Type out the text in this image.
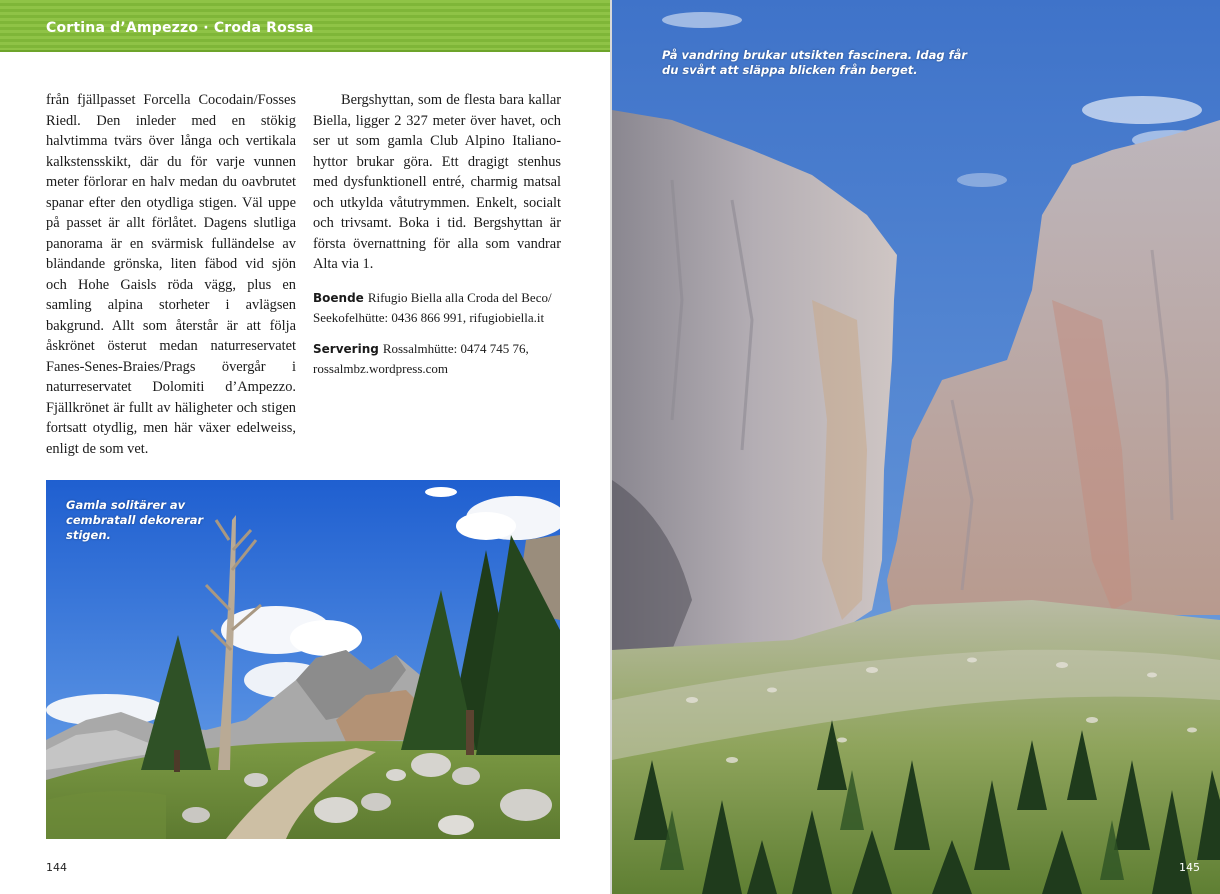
Cortina d’Ampezzo · Croda Rossa

från fjällpasset Forcella Cocodain/Fosses Riedl. Den inleder med en stökig halvtimma tvärs över långa och vertikala kalkstensskikt, där du för varje vunnen meter förlorar en halv medan du oavbrutet spanar efter den otydliga stigen. Väl uppe på passet är allt förlåtet. Dagens slutliga panorama är en svärmisk fulländelse av bländande grönska, liten fäbod vid sjön och Hohe Gaisls röda vägg, plus en samling alpina storheter i avlägsen bakgrund. Allt som återstår är att följa åskrönet österut medan naturreservatet Fanes-Senes-Braies/Prags övergår i naturreservatet Dolomiti d’Ampezzo. Fjällkrönet är fullt av häligheter och stigen fortsatt otydlig, men här växer edelweiss, enligt de som vet.

Bergshyttan, som de flesta bara kallar Biella, ligger 2 327 meter över havet, och ser ut som gamla Club Alpino Italiano-hyttor brukar göra. Ett dragigt stenhus med dysfunktionell entré, charmig matsal och utkylda våtutrymmen. Enkelt, socialt och trivsamt. Boka i tid. Bergshyttan är första övernattning för alla som vandrar Alta via 1.

Boende Rifugio Biella alla Croda del Beco/ Seekofelhütte: 0436 866 991, rifugiobiella.it
Servering Rossalmhütte: 0474 745 76, rossalmbz.wordpress.com
Gamla solitärer av cembratall dekorerar stigen.
144
På vandring brukar utsikten fascinera. Idag får du svårt att släppa blicken från berget.
145
